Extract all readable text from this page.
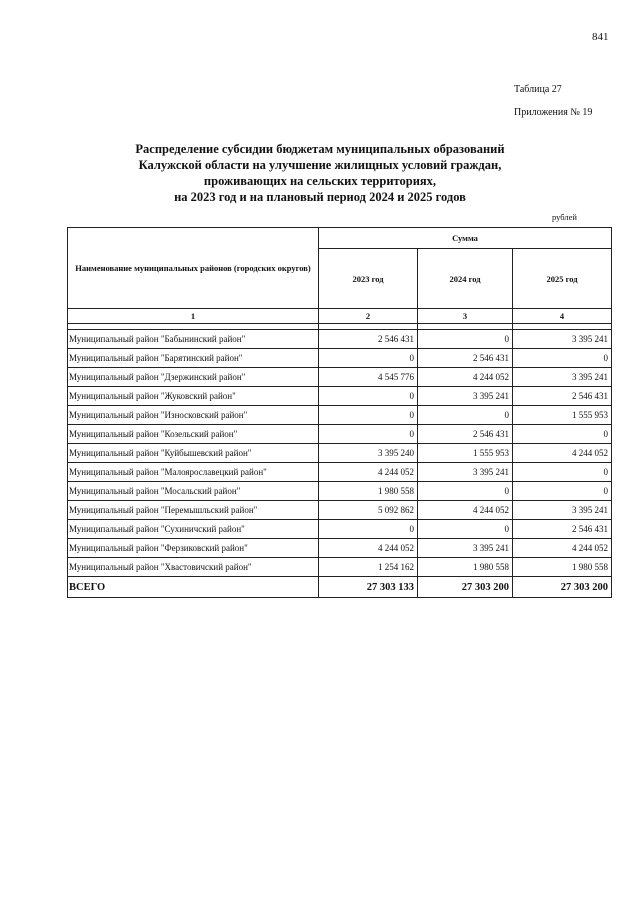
841
Таблица 27
Приложения № 19
Распределение субсидии бюджетам муниципальных образований
Калужской области на улучшение жилищных условий граждан,
проживающих на сельских территориях,
на 2023 год и на плановый период 2024 и 2025 годов
рублей
Наименование муниципальных районов (городских округов)	Сумма		
	2023 год	2024 год	2025 год
1	2	3	4

Муниципальный район "Бабынинский район"	2 546 431	0	3 395 241
Муниципальный район "Барятинский район"	0	2 546 431	0
Муниципальный район "Дзержинский район"	4 545 776	4 244 052	3 395 241
Муниципальный район "Жуковский район"	0	3 395 241	2 546 431
Муниципальный район "Износковский район"	0	0	1 555 953
Муниципальный район "Козельский район"	0	2 546 431	0
Муниципальный район "Куйбышевский район"	3 395 240	1 555 953	4 244 052
Муниципальный район "Малоярославецкий район"	4 244 052	3 395 241	0
Муниципальный район "Мосальский район"	1 980 558	0	0
Муниципальный район "Перемышльский район"	5 092 862	4 244 052	3 395 241
Муниципальный район "Сухиничский район"	0	0	2 546 431
Муниципальный район "Ферзиковский район"	4 244 052	3 395 241	4 244 052
Муниципальный район "Хвастовичский район"	1 254 162	1 980 558	1 980 558
ВСЕГО	27 303 133	27 303 200	27 303 200
